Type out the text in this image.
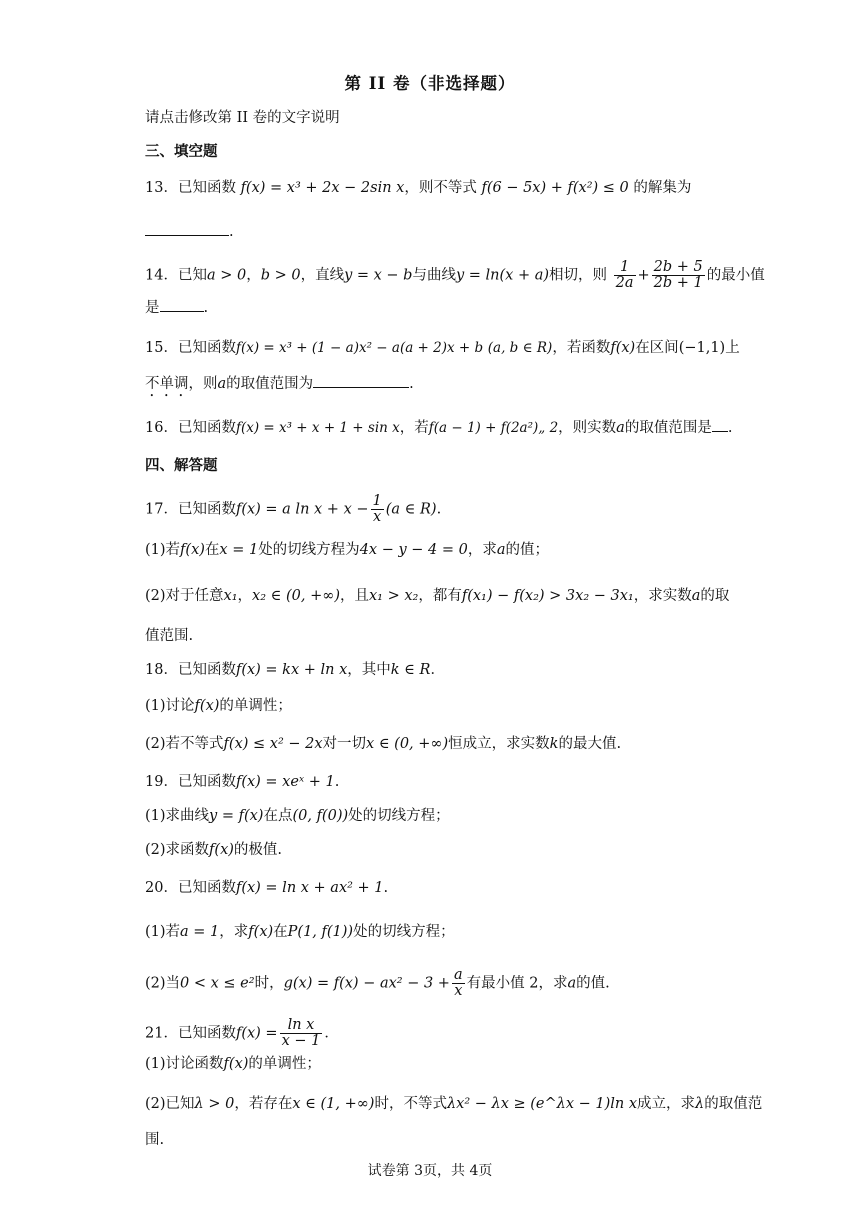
第 II 卷（非选择题）
请点击修改第 II 卷的文字说明
三、填空题
13．已知函数 f(x) = x³ + 2x − 2sin x，则不等式 f(6 − 5x) + f(x²) ≤ 0 的解集为
.
14．已知a > 0，b > 0，直线y = x − b与曲线y = ln(x + a)相切，则 $\frac{1}{2a} + \frac{2b + 5}{2b + 1}$ 的最小值
是	.
15．已知函数f(x) = x³ + (1 − a)x² − a(a + 2)x + b (a, b ∈ R)，若函数f(x)在区间(−1,1)上
不单调，则a的取值范围为	.
16．已知函数f(x) = x³ + x + 1 + sin x，若f(a − 1) + f(2a²)„ 2，则实数a的取值范围是 .
四、解答题
17．已知函数f(x) = a $\ln x + x - \frac{1}{x} (a$ ∈ R).
(1)若f(x)在x = 1处的切线方程为4x − y − 4 = 0，求a的值；
(2)对于任意x₁，x₂ ∈ (0, +∞)，且x₁ > x₂，都有f(x₁) − f(x₂) > 3x₂ − 3x₁，求实数a的取
值范围.
18．已知函数f(x) = kx + ln x，其中k ∈ R．
(1)讨论f(x)的单调性；
(2)若不等式f(x) ≤ x² − 2x对一切x ∈ (0, +∞)恒成立，求实数k的最大值.
19．已知函数f(x) = xeˣ + 1.
(1)求曲线y = f(x)在点(0, f(0))处的切线方程；
(2)求函数f(x)的极值.
20．已知函数f(x) = ln x + ax² + 1.
(1)若a = 1，求f(x)在P(1, f(1))处的切线方程；
(2)当0 < x ≤ e²时，$g(x) = f(x) - ax^2 - 3 + \frac{a}{x}$ 有最小值 2，求a的值.
21．已知函数$f(x) = \frac{\text{ln x}}{x - 1}$ ．
(1)讨论函数f(x)的单调性；
(2)已知λ > 0，若存在x ∈ (1, +∞)时，不等式λx² − λx ≥ (e^λx − 1)ln x成立，求λ的取值范
围.
试卷第 3页，共 4页
